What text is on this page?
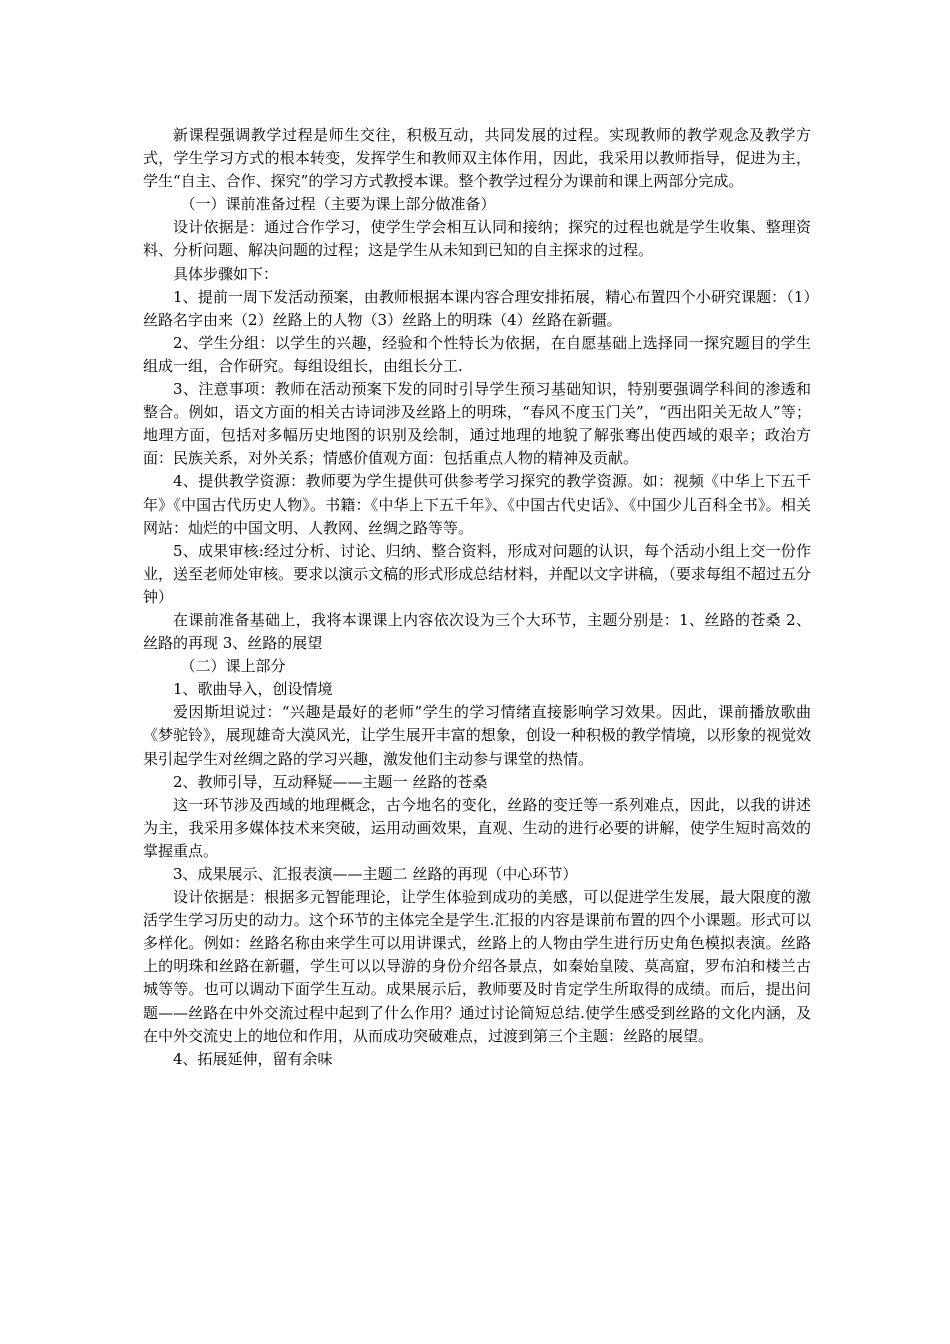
新课程强调教学过程是师生交往，积极互动，共同发展的过程。实现教师的教学观念及教学方式，学生学习方式的根本转变，发挥学生和教师双主体作用，因此，我采用以教师指导，促进为主，学生“自主、合作、探究”的学习方式教授本课。整个教学过程分为课前和课上两部分完成。

（一）课前准备过程（主要为课上部分做准备）

设计依据是：通过合作学习，使学生学会相互认同和接纳；探究的过程也就是学生收集、整理资料、分析问题、解决问题的过程；这是学生从未知到已知的自主探求的过程。

具体步骤如下：

1、提前一周下发活动预案，由教师根据本课内容合理安排拓展，精心布置四个小研究课题：（1）丝路名字由来（2）丝路上的人物（3）丝路上的明珠（4）丝路在新疆。

2、学生分组：以学生的兴趣，经验和个性特长为依据，在自愿基础上选择同一探究题目的学生组成一组，合作研究。每组设组长，由组长分工.

3、注意事项：教师在活动预案下发的同时引导学生预习基础知识，特别要强调学科间的渗透和整合。例如，语文方面的相关古诗词涉及丝路上的明珠，“春风不度玉门关”，“西出阳关无故人”等；地理方面，包括对多幅历史地图的识别及绘制，通过地理的地貌了解张骞出使西域的艰辛；政治方面：民族关系，对外关系；情感价值观方面：包括重点人物的精神及贡献。

4、提供教学资源：教师要为学生提供可供参考学习探究的教学资源。如：视频《中华上下五千年》《中国古代历史人物》。书籍：《中华上下五千年》、《中国古代史话》、《中国少儿百科全书》。相关网站：灿烂的中国文明、人教网、丝绸之路等等。

5、成果审核:经过分析、讨论、归纳、整合资料，形成对问题的认识，每个活动小组上交一份作业，送至老师处审核。要求以演示文稿的形式形成总结材料，并配以文字讲稿，（要求每组不超过五分钟）

在课前准备基础上，我将本课课上内容依次设为三个大环节，主题分别是：1、丝路的苍桑 2、丝路的再现 3、丝路的展望

（二）课上部分

1、歌曲导入，创设情境

爱因斯坦说过：“兴趣是最好的老师”学生的学习情绪直接影响学习效果。因此，课前播放歌曲《梦驼铃》，展现雄奇大漠风光，让学生展开丰富的想象，创设一种积极的教学情境，以形象的视觉效果引起学生对丝绸之路的学习兴趣，激发他们主动参与课堂的热情。

2、教师引导，互动释疑——主题一 丝路的苍桑

这一环节涉及西域的地理概念，古今地名的变化，丝路的变迁等一系列难点，因此，以我的讲述为主，我采用多媒体技术来突破，运用动画效果，直观、生动的进行必要的讲解，使学生短时高效的掌握重点。

3、成果展示、汇报表演——主题二 丝路的再现（中心环节）

设计依据是：根据多元智能理论，让学生体验到成功的美感，可以促进学生发展，最大限度的激活学生学习历史的动力。这个环节的主体完全是学生.汇报的内容是课前布置的四个小课题。形式可以多样化。例如：丝路名称由来学生可以用讲课式，丝路上的人物由学生进行历史角色模拟表演。丝路上的明珠和丝路在新疆，学生可以以导游的身份介绍各景点，如秦始皇陵、莫高窟，罗布泊和楼兰古城等等。也可以调动下面学生互动。成果展示后，教师要及时肯定学生所取得的成绩。而后，提出问题——丝路在中外交流过程中起到了什么作用？通过讨论简短总结.使学生感受到丝路的文化内涵，及在中外交流史上的地位和作用，从而成功突破难点，过渡到第三个主题：丝路的展望。

4、拓展延伸，留有余味
